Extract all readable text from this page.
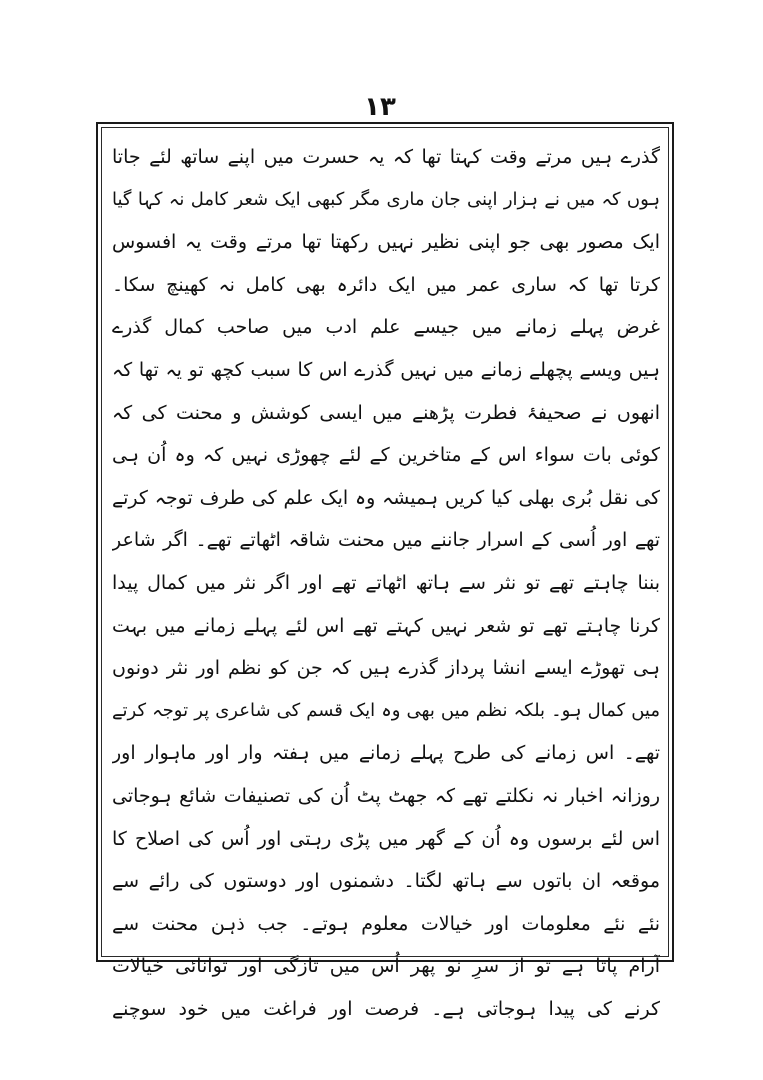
۱۳
گذرے ہیں مرتے وقت کہتا تھا کہ یہ حسرت میں اپنے ساتھ لئے جاتا
ہوں کہ میں نے ہزار اپنی جان ماری مگر کبھی ایک شعر کامل نہ کہا گیا
ایک مصور بھی جو اپنی نظیر نہیں رکھتا تھا مرتے وقت یہ افسوس
کرتا تھا کہ ساری عمر میں ایک دائرہ بھی کامل نہ کھینچ سکا۔
غرض پہلے زمانے میں جیسے علم ادب میں صاحب کمال گذرے
ہیں ویسے پچھلے زمانے میں نہیں گذرے اس کا سبب کچھ تو یہ تھا کہ
انھوں نے صحیفۂ فطرت پڑھنے میں ایسی کوشش و محنت کی کہ
کوئی بات سواء اس کے متاخرین کے لئے چھوڑی نہیں کہ وہ اُن ہی
کی نقل بُری بھلی کیا کریں ہمیشہ وہ ایک علم کی طرف توجہ کرتے
تھے اور اُسی کے اسرار جاننے میں محنت شاقہ اٹھاتے تھے۔ اگر شاعر
بننا چاہتے تھے تو نثر سے ہاتھ اٹھاتے تھے اور اگر نثر میں کمال پیدا
کرنا چاہتے تھے تو شعر نہیں کہتے تھے اس لئے پہلے زمانے میں بہت
ہی تھوڑے ایسے انشا پرداز گذرے ہیں کہ جن کو نظم اور نثر دونوں
میں کمال ہو۔ بلکہ نظم میں بھی وہ ایک قسم کی شاعری پر توجہ کرتے
تھے۔ اس زمانے کی طرح پہلے زمانے میں ہفتہ وار اور ماہوار اور
روزانہ اخبار نہ نکلتے تھے کہ جھٹ پٹ اُن کی تصنیفات شائع ہوجاتی
اس لئے برسوں وہ اُن کے گھر میں پڑی رہتی اور اُس کی اصلاح کا
موقعہ ان باتوں سے ہاتھ لگتا۔ دشمنوں اور دوستوں کی رائے سے
نئے نئے معلومات اور خیالات معلوم ہوتے۔ جب ذہن محنت سے
آرام پاتا ہے تو از سرِ نو پھر اُس میں تازگی اور توانائی خیالات
کرنے کی پیدا ہوجاتی ہے۔ فرصت اور فراغت میں خود سوچنے
